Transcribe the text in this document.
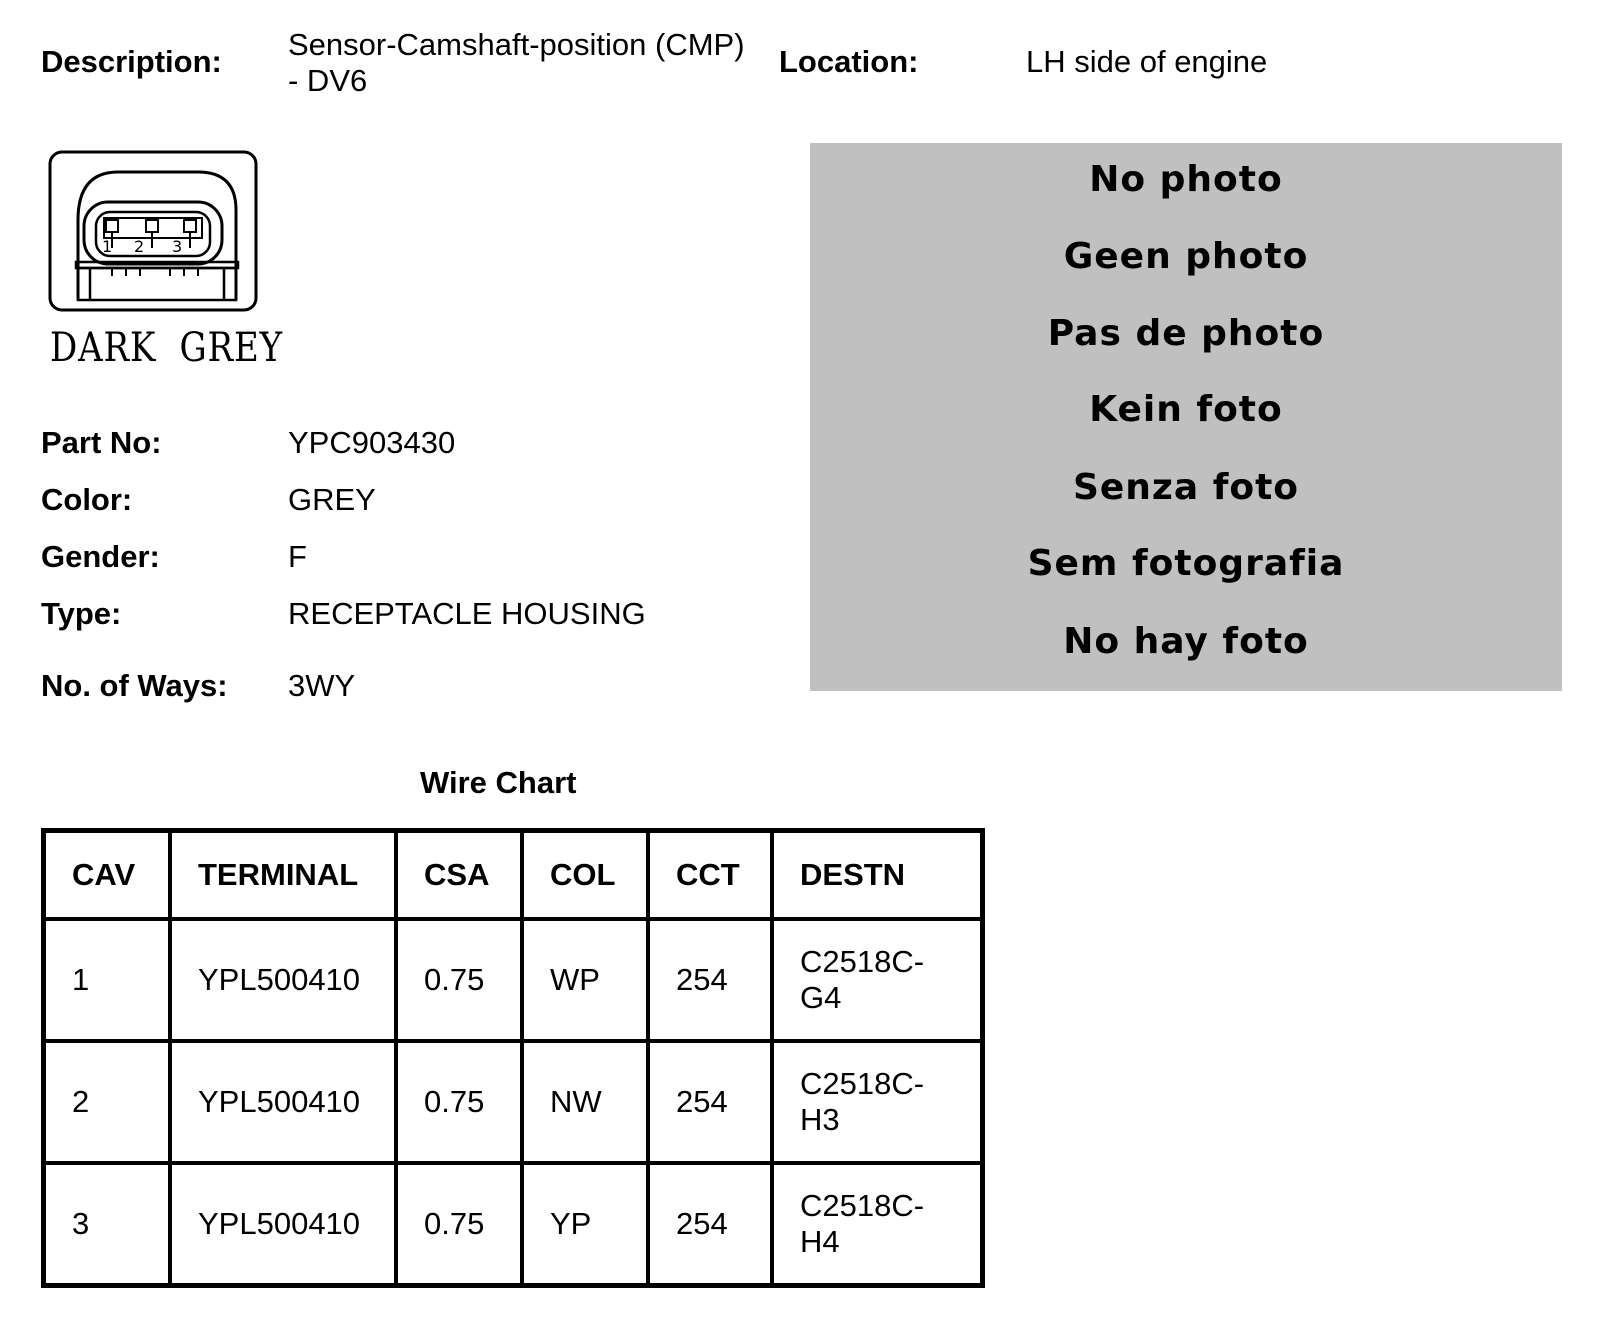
Description: Sensor-Camshaft-position (CMP)
- DV6
Location:	LH side of engine
1 2 3
DARK  GREY
Part No:	YPC903430
Color:	GREY
Gender:	F
Type:	RECEPTACLE HOUSING
No. of Ways: 3WY
No photo
Geen photo
Pas de photo
Kein foto
Senza foto
Sem fotografia
No hay foto
Wire Chart
CAV	TERMINAL	CSA	COL	CCT	DESTN
1	YPL500410	0.75	WP	254	C2518C-
G4

2	YPL500410	0.75	NW	254	C2518C-
H3

3	YPL500410	0.75	YP	254	C2518C-
H4
